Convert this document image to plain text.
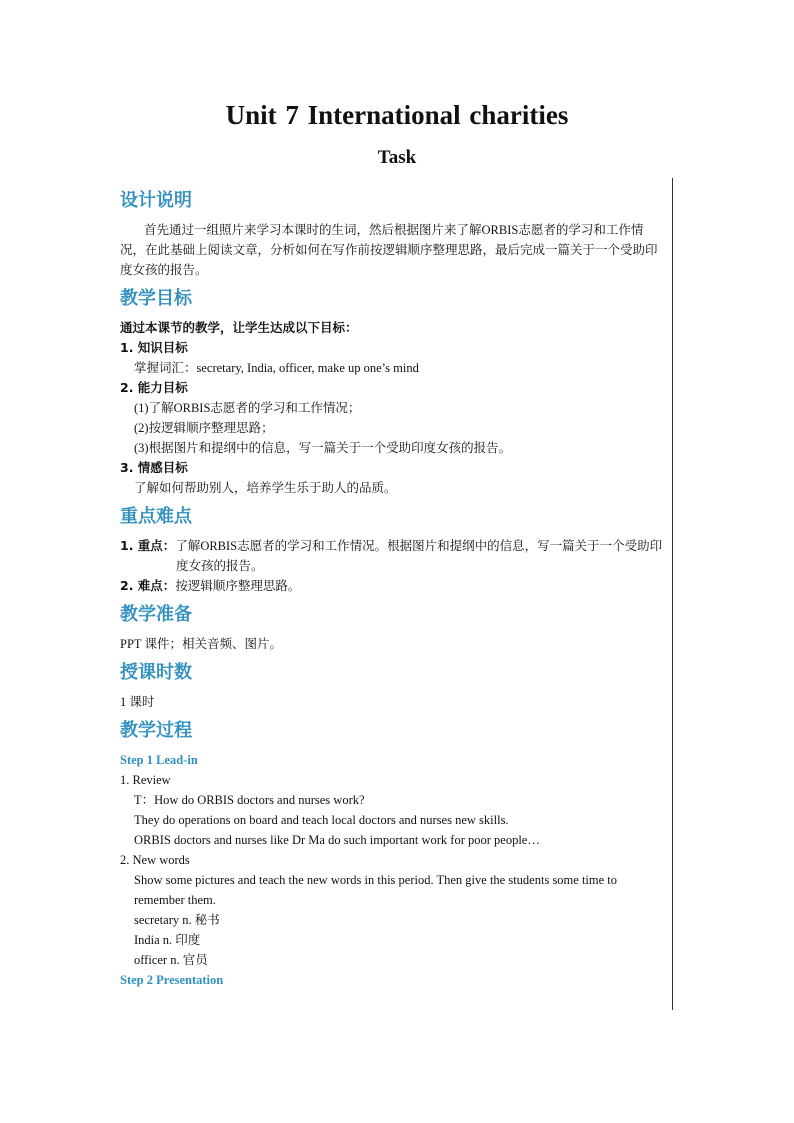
Unit 7 International charities
Task
设计说明

首先通过一组照片来学习本课时的生词，然后根据图片来了解ORBIS志愿者的学习和工作情况，在此基础上阅读文章，分析如何在写作前按逻辑顺序整理思路，最后完成一篇关于一个受助印度女孩的报告。

教学目标

通过本课节的教学，让学生达成以下目标：

1. 知识目标

掌握词汇：secretary, India, officer, make up one’s mind

2. 能力目标

(1)了解ORBIS志愿者的学习和工作情况；

(2)按逻辑顺序整理思路；

(3)根据图片和提纲中的信息，写一篇关于一个受助印度女孩的报告。

3. 情感目标

了解如何帮助别人，培养学生乐于助人的品质。

重点难点

1. 重点：了解ORBIS志愿者的学习和工作情况。根据图片和提纲中的信息，写一篇关于一个受助印度女孩的报告。

2. 难点：按逻辑顺序整理思路。

教学准备

PPT 课件；相关音频、图片。

授课时数

1 课时

教学过程

Step 1 Lead-in

1. Review

T：How do ORBIS doctors and nurses work?

They do operations on board and teach local doctors and nurses new skills.

ORBIS doctors and nurses like Dr Ma do such important work for poor people…

2. New words

Show some pictures and teach the new words in this period. Then give the students some time to remember them.

secretary n. 秘书

India n. 印度

officer n. 官员

Step 2 Presentation
